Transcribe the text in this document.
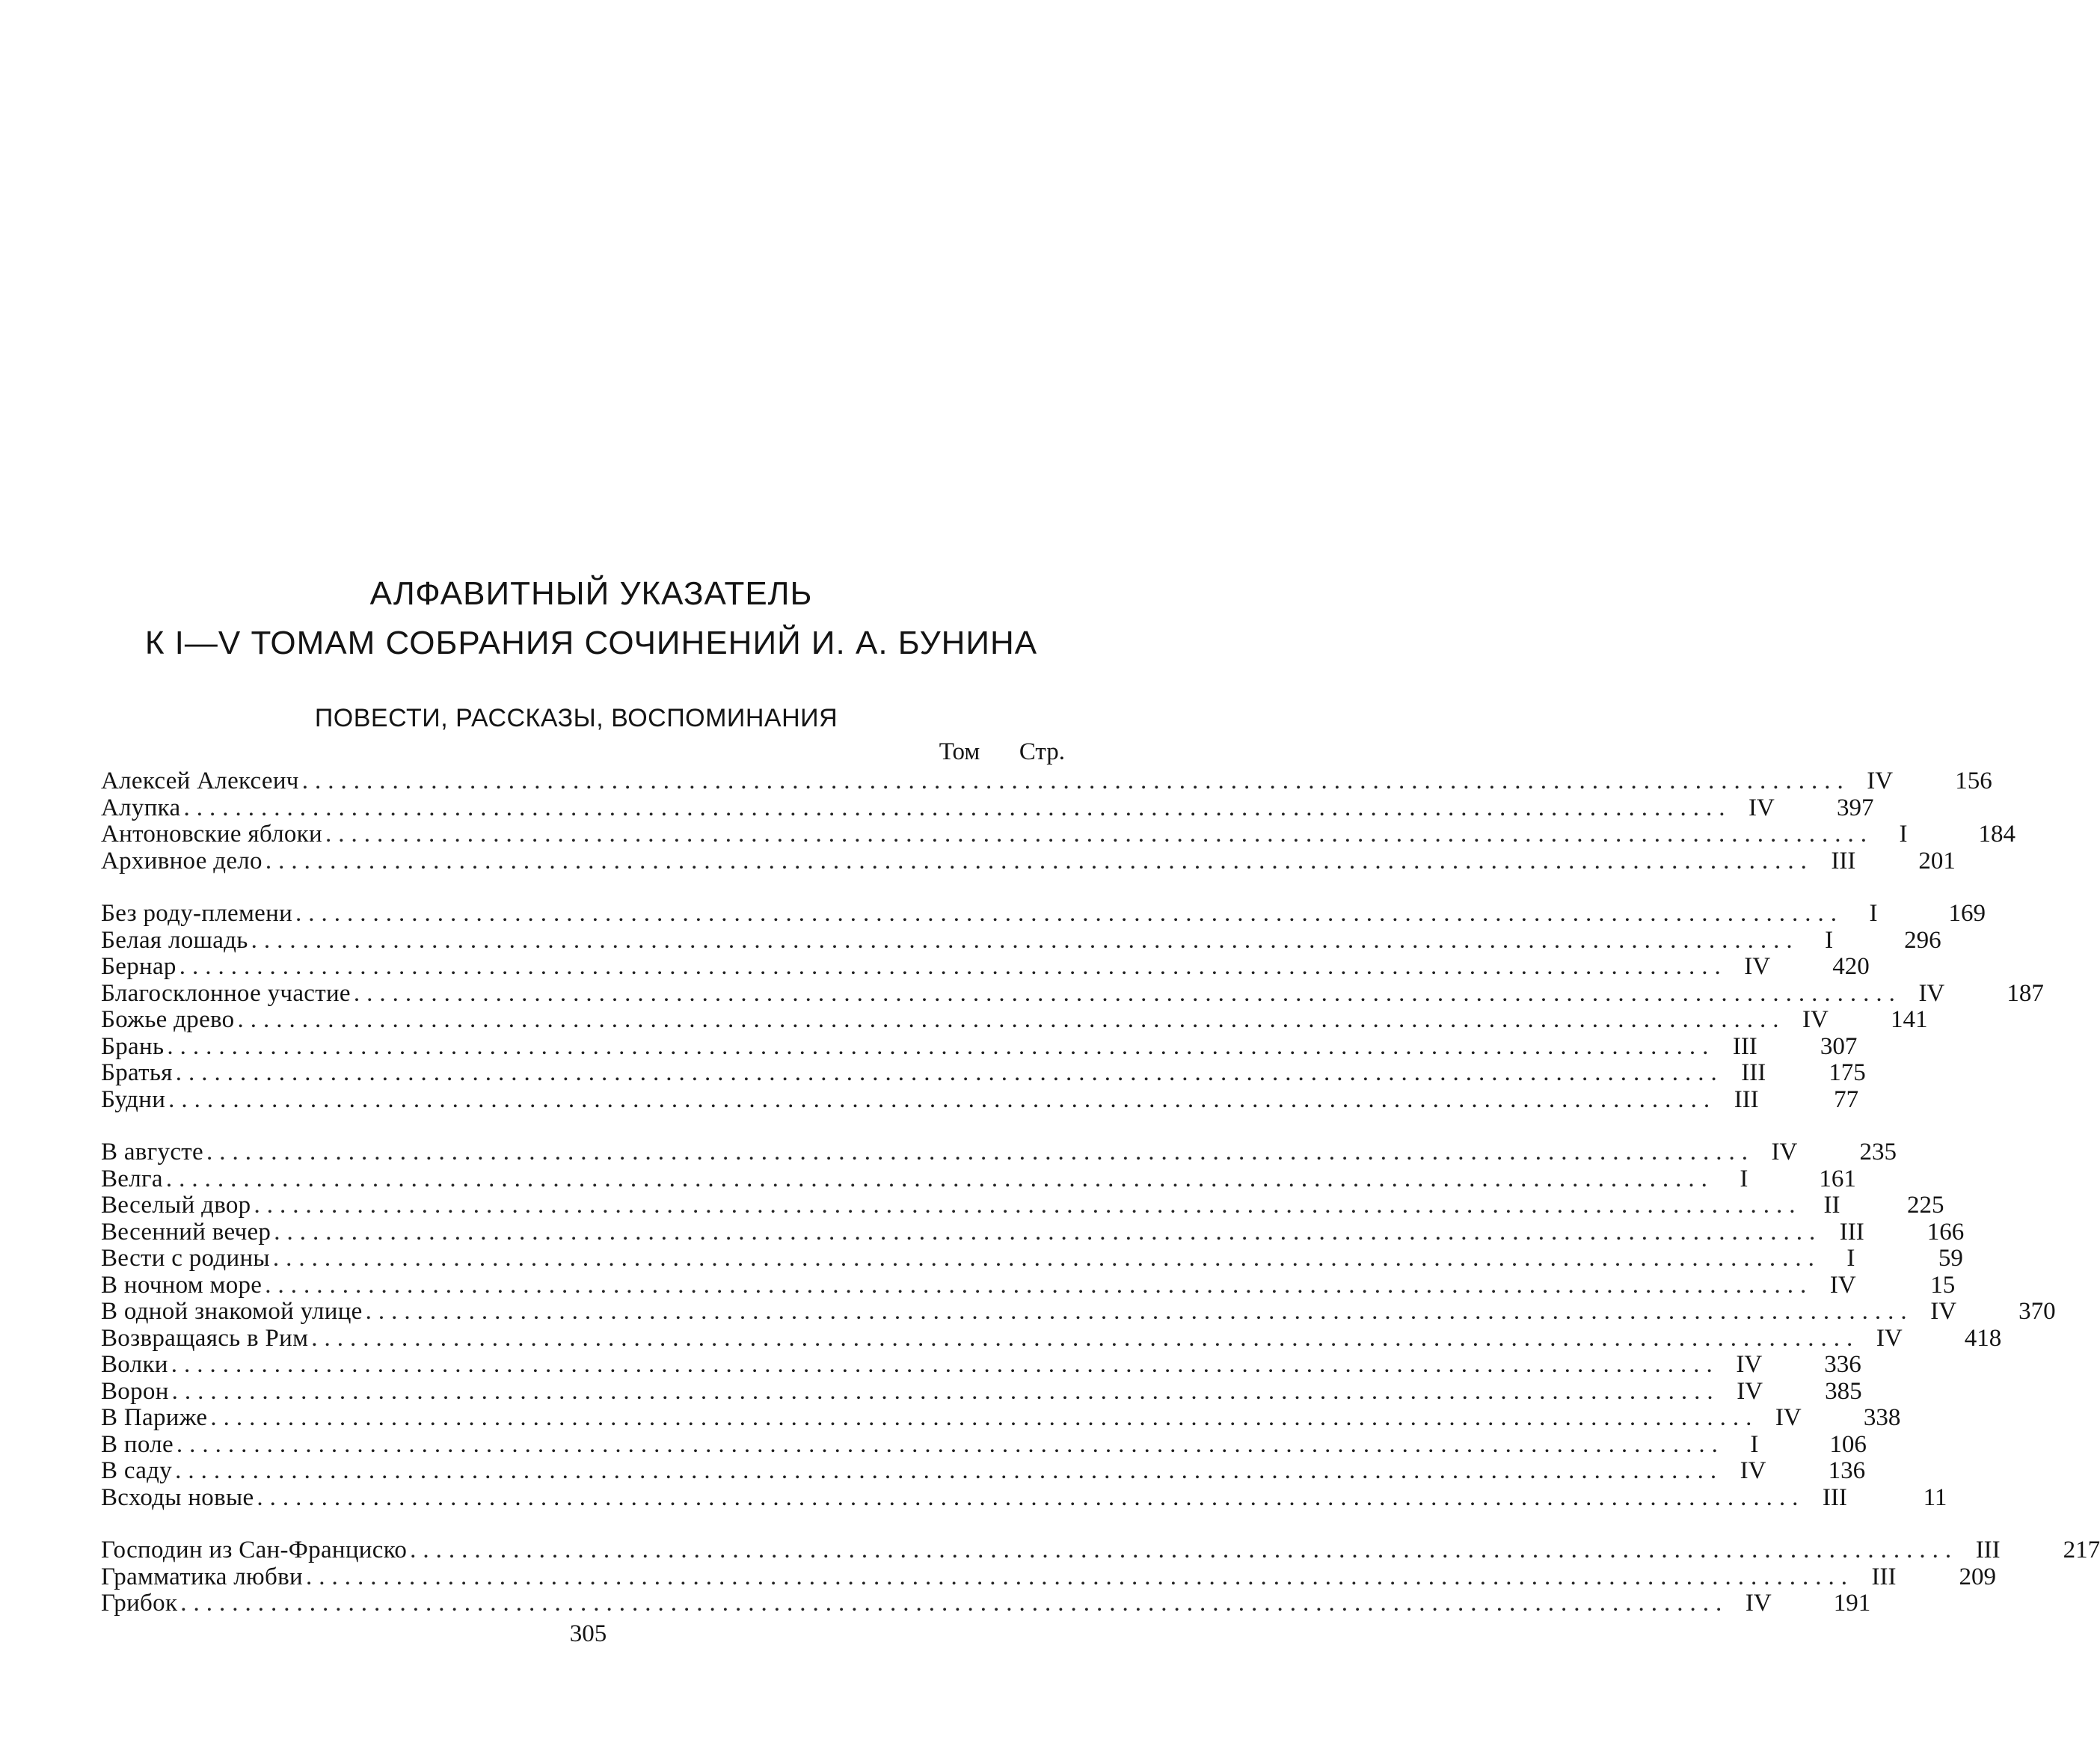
АЛФАВИТНЫЙ УКАЗАТЕЛЬ
К I—V ТОМАМ СОБРАНИЯ СОЧИНЕНИЙ И. А. БУНИНА
ПОВЕСТИ, РАССКАЗЫ, ВОСПОМИНАНИЯ
Том	Стр.
Алексей Алексеич ........................................................................................................................ IV	156
Алупка ........................................................................................................................ IV	397
Антоновские яблоки ........................................................................................................................	I	184
Архивное дело ........................................................................................................................ III	201
Без роду-племени ........................................................................................................................	I	169
Белая лошадь ........................................................................................................................	I	296
Бернар ........................................................................................................................ IV	420
Благосклонное участие ........................................................................................................................ IV	187
Божье древо ........................................................................................................................ IV	141
Брань ........................................................................................................................ III	307
Братья ........................................................................................................................ III	175
Будни ........................................................................................................................ III	77
В августе ........................................................................................................................ IV	235
Велга ........................................................................................................................	I	161
Веселый двор ........................................................................................................................ II	225
Весенний вечер ........................................................................................................................ III	166
Вести с родины ........................................................................................................................	I	59
В ночном море ........................................................................................................................ IV	15
В одной знакомой улице ........................................................................................................................ IV	370
Возвращаясь в Рим ........................................................................................................................ IV	418
Волки ........................................................................................................................ IV	336
Ворон ........................................................................................................................ IV	385
В Париже ........................................................................................................................ IV	338
В поле ........................................................................................................................	I	106
В саду ........................................................................................................................ IV	136
Всходы новые ........................................................................................................................ III	11
Господин из Сан-Франциско ........................................................................................................................ III	217
Грамматика любви ........................................................................................................................ III	209
Грибок ........................................................................................................................ IV	191
305
